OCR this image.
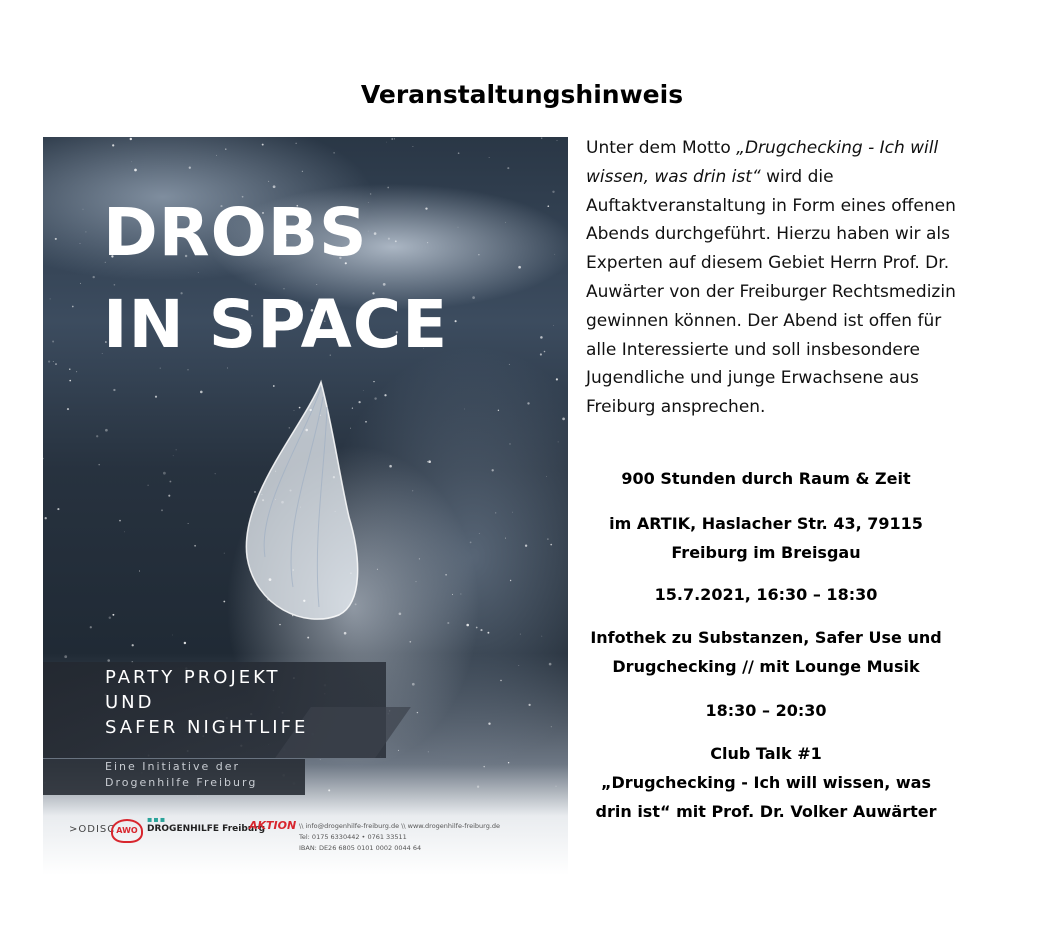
Veranstaltungshinweis
DROBS
IN SPACE
PARTY PROJEKT
UND
SAFER NIGHTLIFE
Eine Initiative der
Drogenhilfe Freiburg
>ODISC AWO
▪▪▪
DROGENHILFE Freiburg
AKTION \\ info@drogenhilfe-freiburg.de \\ www.drogenhilfe-freiburg.de
Tel: 0175 6330442 • 0761 33511
IBAN: DE26 6805 0101 0002 0044 64
Unter dem Motto „Drugchecking - Ich will wissen, was drin ist“ wird die Auftaktveranstaltung in Form eines offenen Abends durchgeführt. Hierzu haben wir als Experten auf diesem Gebiet Herrn Prof. Dr. Auwärter von der Freiburger Rechtsmedizin gewinnen können. Der Abend ist offen für alle Interessierte und soll insbesondere Jugendliche und junge Erwachsene aus Freiburg ansprechen.
900 Stunden durch Raum & Zeit
im ARTIK, Haslacher Str. 43, 79115
Freiburg im Breisgau
15.7.2021, 16:30 – 18:30
Infothek zu Substanzen, Safer Use und
Drugchecking // mit Lounge Musik
18:30 – 20:30
Club Talk #1
„Drugchecking - Ich will wissen, was
drin ist“ mit Prof. Dr. Volker Auwärter
